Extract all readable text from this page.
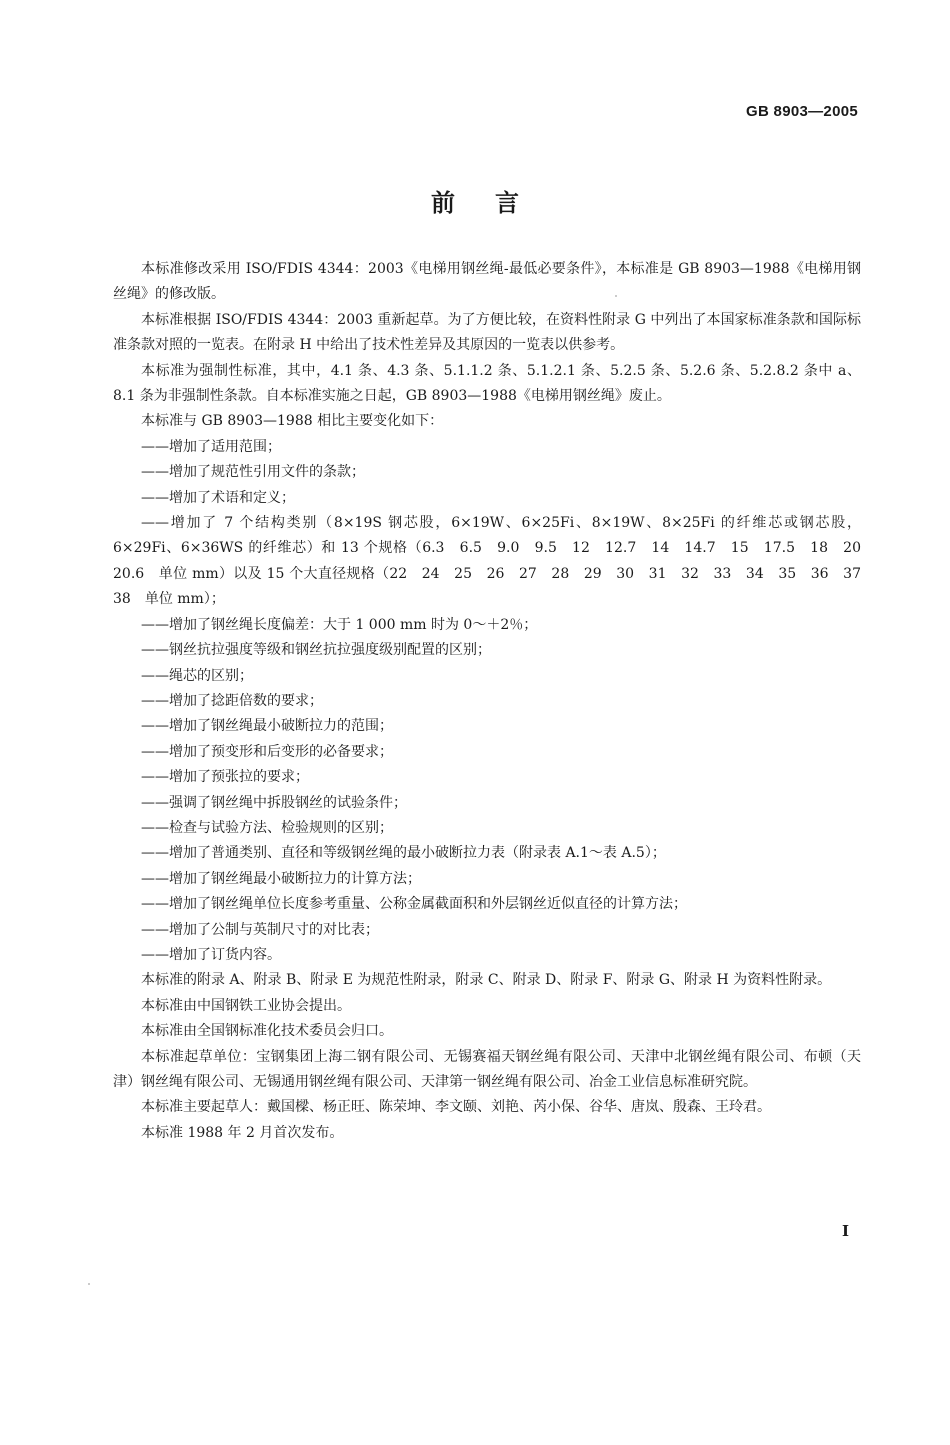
GB 8903—2005
前言

本标准修改采用 ISO/FDIS 4344：2003《电梯用钢丝绳-最低必要条件》，本标准是 GB 8903—1988《电梯用钢丝绳》的修改版。

本标准根据 ISO/FDIS 4344：2003 重新起草。为了方便比较，在资料性附录 G 中列出了本国家标准条款和国际标准条款对照的一览表。在附录 H 中给出了技术性差异及其原因的一览表以供参考。

本标准为强制性标准，其中，4.1 条、4.3 条、5.1.1.2 条、5.1.2.1 条、5.2.5 条、5.2.6 条、5.2.8.2 条中 a、8.1 条为非强制性条款。自本标准实施之日起，GB 8903—1988《电梯用钢丝绳》废止。

本标准与 GB 8903—1988 相比主要变化如下：

——增加了适用范围；

——增加了规范性引用文件的条款；

——增加了术语和定义；

——增加了 7 个结构类别（8×19S 钢芯股，6×19W、6×25Fi、8×19W、8×25Fi 的纤维芯或钢芯股，6×29Fi、6×36WS 的纤维芯）和 13 个规格（6.3　6.5　9.0　9.5　12　12.7　14　14.7　15　17.5　18　20　20.6　单位 mm）以及 15 个大直径规格（22　24　25　26　27　28　29　30　31　32　33　34　35　36　37　38　单位 mm）；

——增加了钢丝绳长度偏差：大于 1 000 mm 时为 0～＋2％；

——钢丝抗拉强度等级和钢丝抗拉强度级别配置的区别；

——绳芯的区别；

——增加了捻距倍数的要求；

——增加了钢丝绳最小破断拉力的范围；

——增加了预变形和后变形的必备要求；

——增加了预张拉的要求；

——强调了钢丝绳中拆股钢丝的试验条件；

——检查与试验方法、检验规则的区别；

——增加了普通类别、直径和等级钢丝绳的最小破断拉力表（附录表 A.1～表 A.5）；

——增加了钢丝绳最小破断拉力的计算方法；

——增加了钢丝绳单位长度参考重量、公称金属截面积和外层钢丝近似直径的计算方法；

——增加了公制与英制尺寸的对比表；

——增加了订货内容。

本标准的附录 A、附录 B、附录 E 为规范性附录，附录 C、附录 D、附录 F、附录 G、附录 H 为资料性附录。

本标准由中国钢铁工业协会提出。

本标准由全国钢标准化技术委员会归口。

本标准起草单位：宝钢集团上海二钢有限公司、无锡赛福天钢丝绳有限公司、天津中北钢丝绳有限公司、布顿（天津）钢丝绳有限公司、无锡通用钢丝绳有限公司、天津第一钢丝绳有限公司、冶金工业信息标准研究院。

本标准主要起草人：戴国樑、杨正旺、陈荣坤、李文颐、刘艳、芮小保、谷华、唐岚、殷森、王玲君。

本标准 1988 年 2 月首次发布。

I
